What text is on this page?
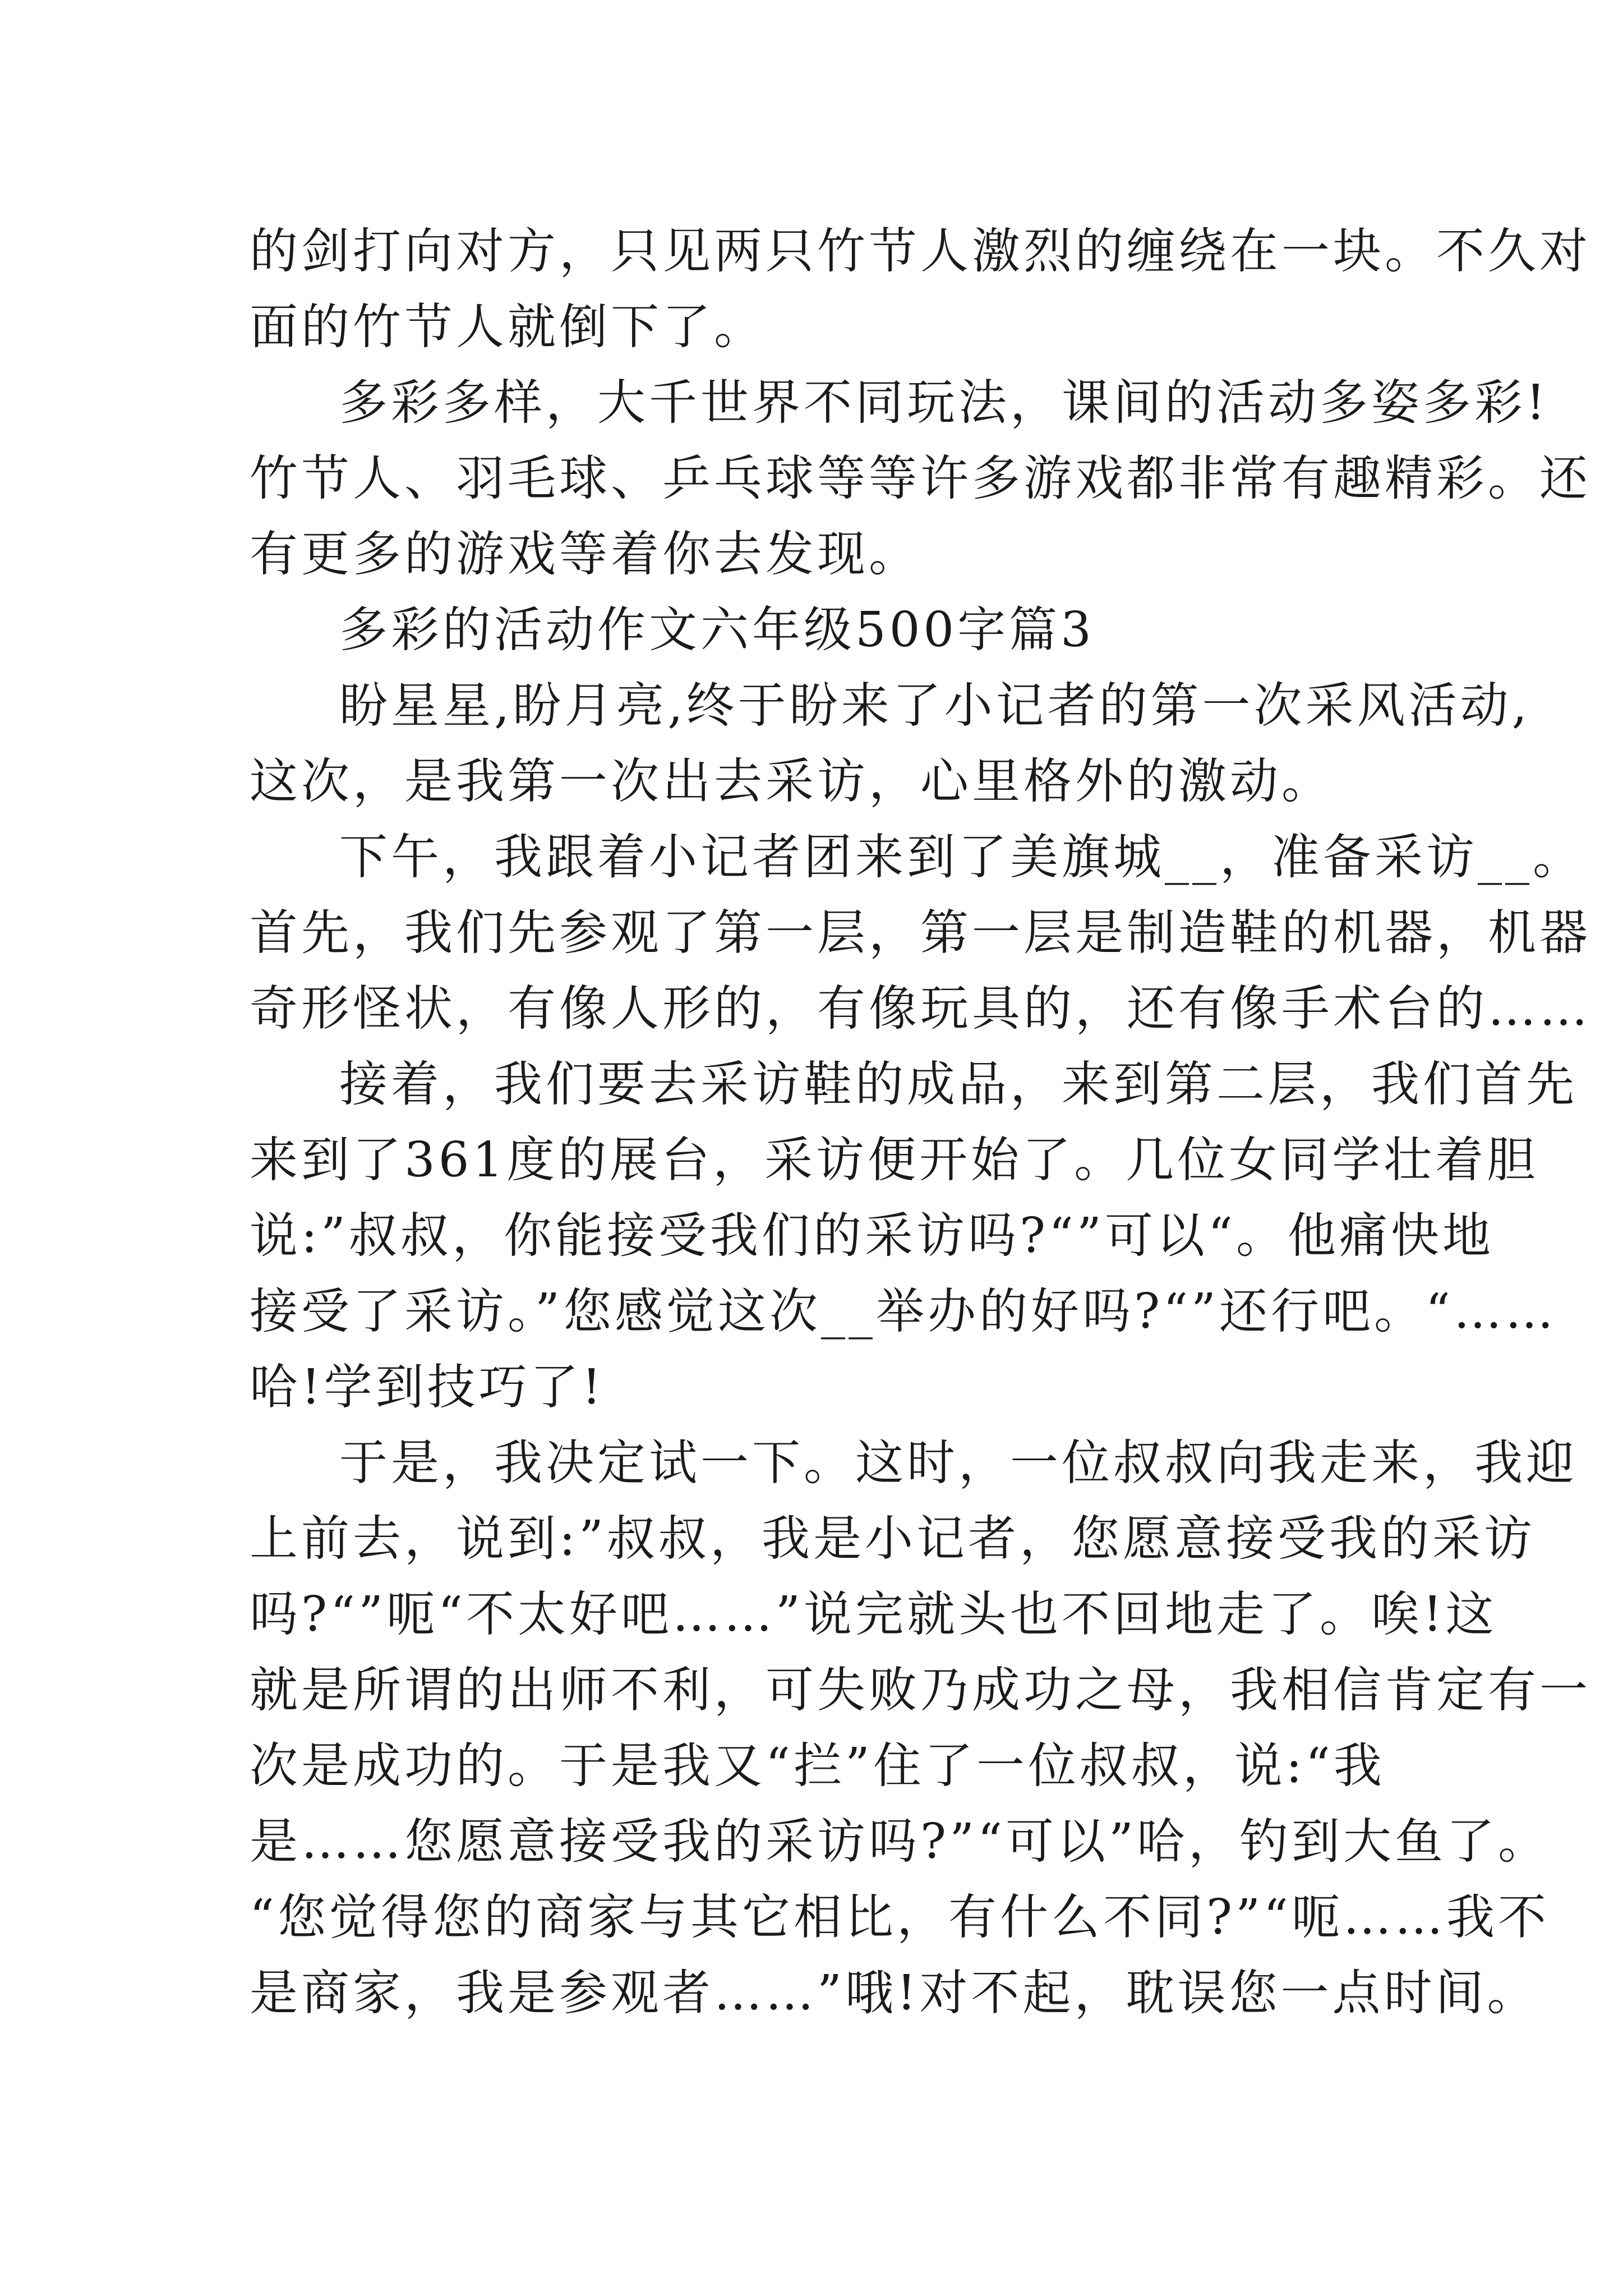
的剑打向对方，只见两只竹节人激烈的缠绕在一块。不久对
面的竹节人就倒下了。
多彩多样，大千世界不同玩法，课间的活动多姿多彩!
竹节人、羽毛球、乒乓球等等许多游戏都非常有趣精彩。还
有更多的游戏等着你去发现。
多彩的活动作文六年级500字篇3
盼星星,盼月亮,终于盼来了小记者的第一次采风活动,
这次，是我第一次出去采访，心里格外的激动。
下午，我跟着小记者团来到了美旗城__，准备采访__。
首先，我们先参观了第一层，第一层是制造鞋的机器，机器
奇形怪状，有像人形的，有像玩具的，还有像手术台的……
接着，我们要去采访鞋的成品，来到第二层，我们首先
来到了361度的展台，采访便开始了。几位女同学壮着胆
说:”叔叔，你能接受我们的采访吗?“”可以“。他痛快地
接受了采访。”您感觉这次__举办的好吗?“”还行吧。“……
哈!学到技巧了!
于是，我决定试一下。这时，一位叔叔向我走来，我迎
上前去，说到:”叔叔，我是小记者，您愿意接受我的采访
吗?“”呃“不太好吧……”说完就头也不回地走了。唉!这
就是所谓的出师不利，可失败乃成功之母，我相信肯定有一
次是成功的。于是我又“拦”住了一位叔叔，说:“我
是……您愿意接受我的采访吗?”“可以”哈，钓到大鱼了。
“您觉得您的商家与其它相比，有什么不同?”“呃……我不
是商家，我是参观者……”哦!对不起，耽误您一点时间。
